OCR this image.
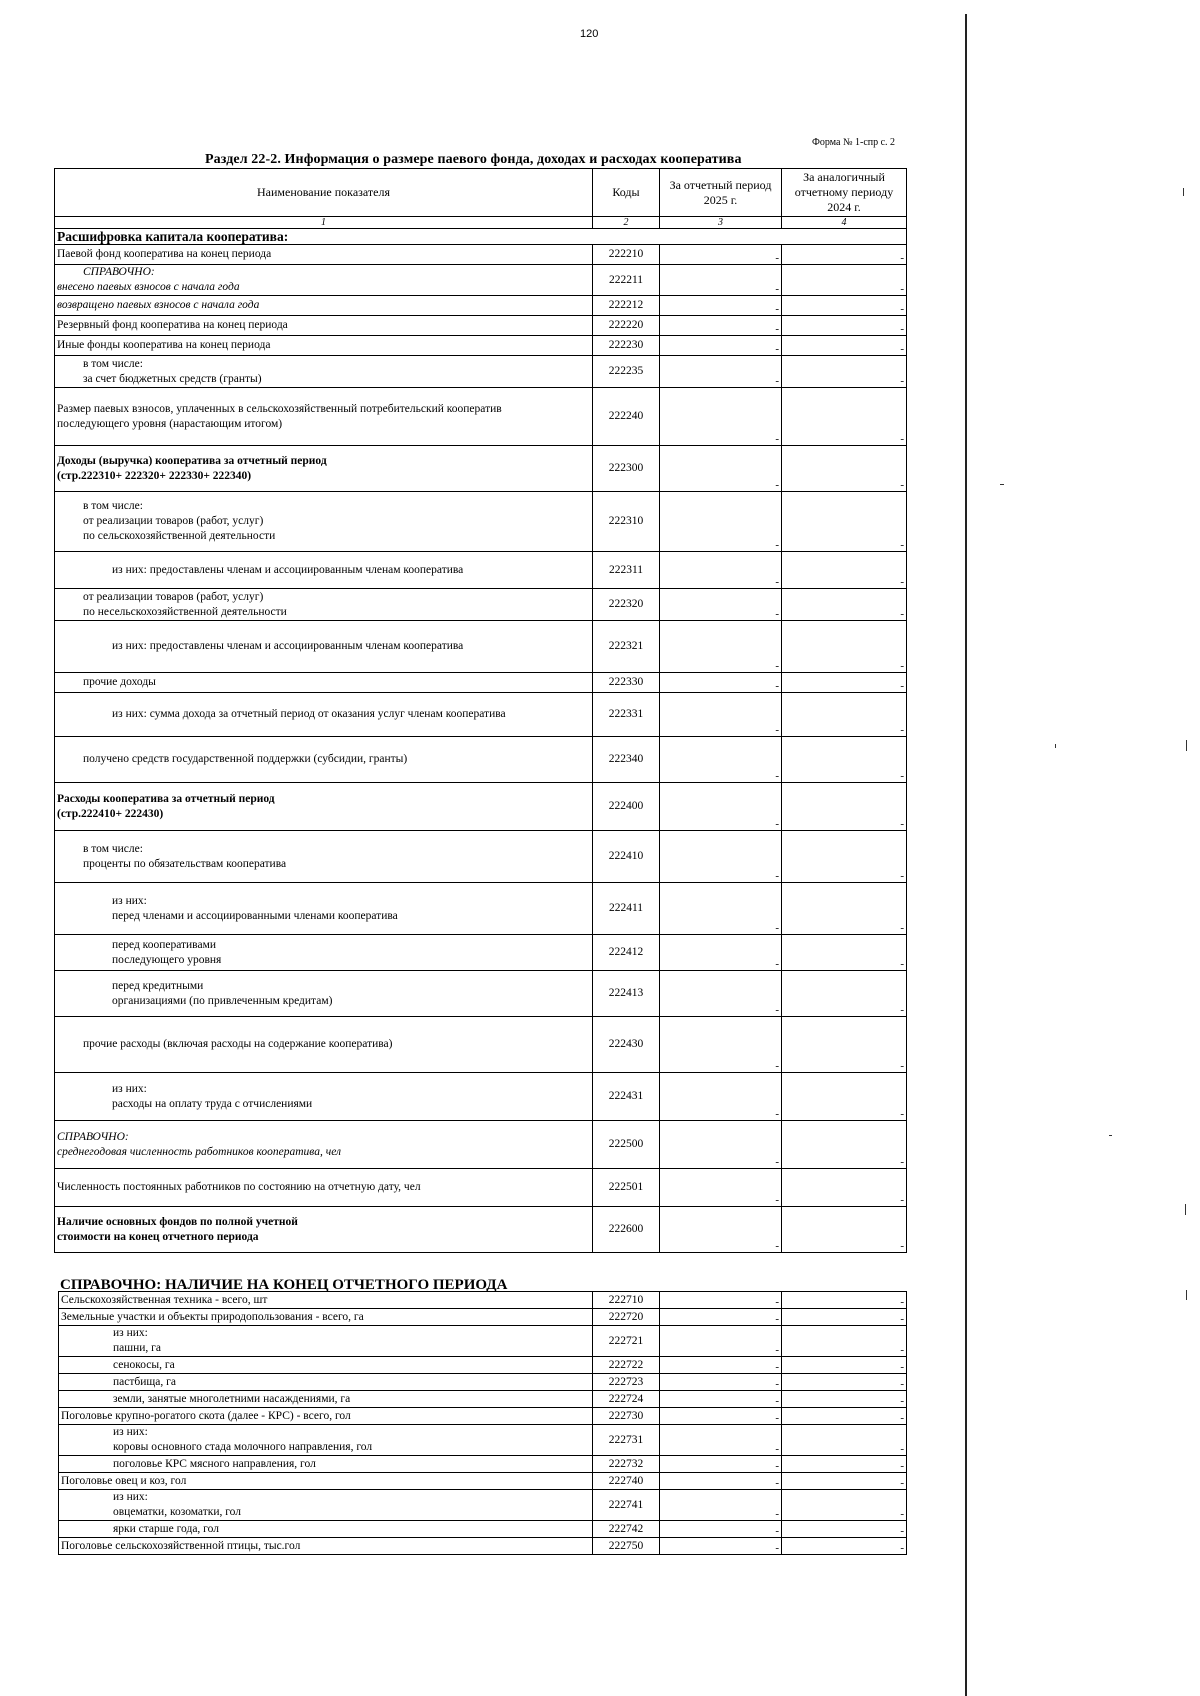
120
Форма № 1-спр с. 2
Раздел 22-2. Информация о размере паевого фонда, доходах и расходах кооператива
Наименование показателя	Коды	За отчетный период 2025 г.	За аналогичный отчетному периоду 2024 г.
1	2	3	4
Расшифровка капитала кооператива:			

Паевой фонд кооператива на конец периода	222210	-	-

СПРАВОЧНО:
внесено паевых взносов с начала года	222211	-	-

возвращено паевых взносов с начала года	222212	-	-

Резервный фонд кооператива на конец периода	222220	-	-

Иные фонды кооператива на конец периода	222230	-	-

в том числе:
за счет бюджетных средств (гранты)	222235	-	-

Размер паевых взносов, уплаченных в сельскохозяйственный потребительский кооператив
последующего уровня (нарастающим итогом)	222240	-	-

Доходы (выручка) кооператива за отчетный период
(стр.222310+ 222320+ 222330+ 222340)	222300	-	-

в том числе:
от реализации товаров (работ, услуг)
по сельскохозяйственной деятельности	222310	-	-

из них: предоставлены членам и ассоциированным членам кооператива	222311	-	-

от реализации товаров (работ, услуг)
по несельскохозяйственной деятельности	222320	-	-

из них: предоставлены членам и ассоциированным членам кооператива	222321	-	-

прочие доходы	222330	-	-

из них: сумма дохода за отчетный период от оказания услуг членам кооператива	222331	-	-

получено средств государственной поддержки (субсидии, гранты)	222340	-	-

Расходы кооператива за отчетный период
(стр.222410+ 222430)	222400	-	-

в том числе:
проценты по обязательствам кооператива	222410	-	-

из них:
перед членами и ассоциированными членами кооператива	222411	-	-

перед кооперативами
последующего уровня	222412	-	-

перед кредитными
организациями (по привлеченным кредитам)	222413	-	-

прочие расходы (включая расходы на содержание кооператива)	222430	-	-

из них:
расходы на оплату труда с отчислениями	222431	-	-

СПРАВОЧНО:
среднегодовая численность работников кооператива, чел	222500	-	-

Численность постоянных работников по состоянию на отчетную дату, чел	222501	-	-

Наличие основных фондов по полной учетной
стоимости на конец отчетного периода	222600	-	-
СПРАВОЧНО: НАЛИЧИЕ НА КОНЕЦ ОТЧЕТНОГО ПЕРИОДА
Сельскохозяйственная техника - всего, шт	222710	-	-

Земельные участки и объекты природопользования - всего, га	222720	-	-

из них:
пашни, га	222721	-	-

сенокосы, га	222722	-	-

пастбища, га	222723	-	-

земли, занятые многолетними насаждениями, га	222724	-	-

Поголовье крупно-рогатого скота (далее - КРС) - всего, гол	222730	-	-

из них:
коровы основного стада молочного направления, гол	222731	-	-

поголовье КРС мясного направления, гол	222732	-	-

Поголовье овец и коз, гол	222740	-	-

из них:
овцематки, козоматки, гол	222741	-	-

ярки старше года, гол	222742	-	-

Поголовье сельскохозяйственной птицы, тыс.гол	222750	-	-
